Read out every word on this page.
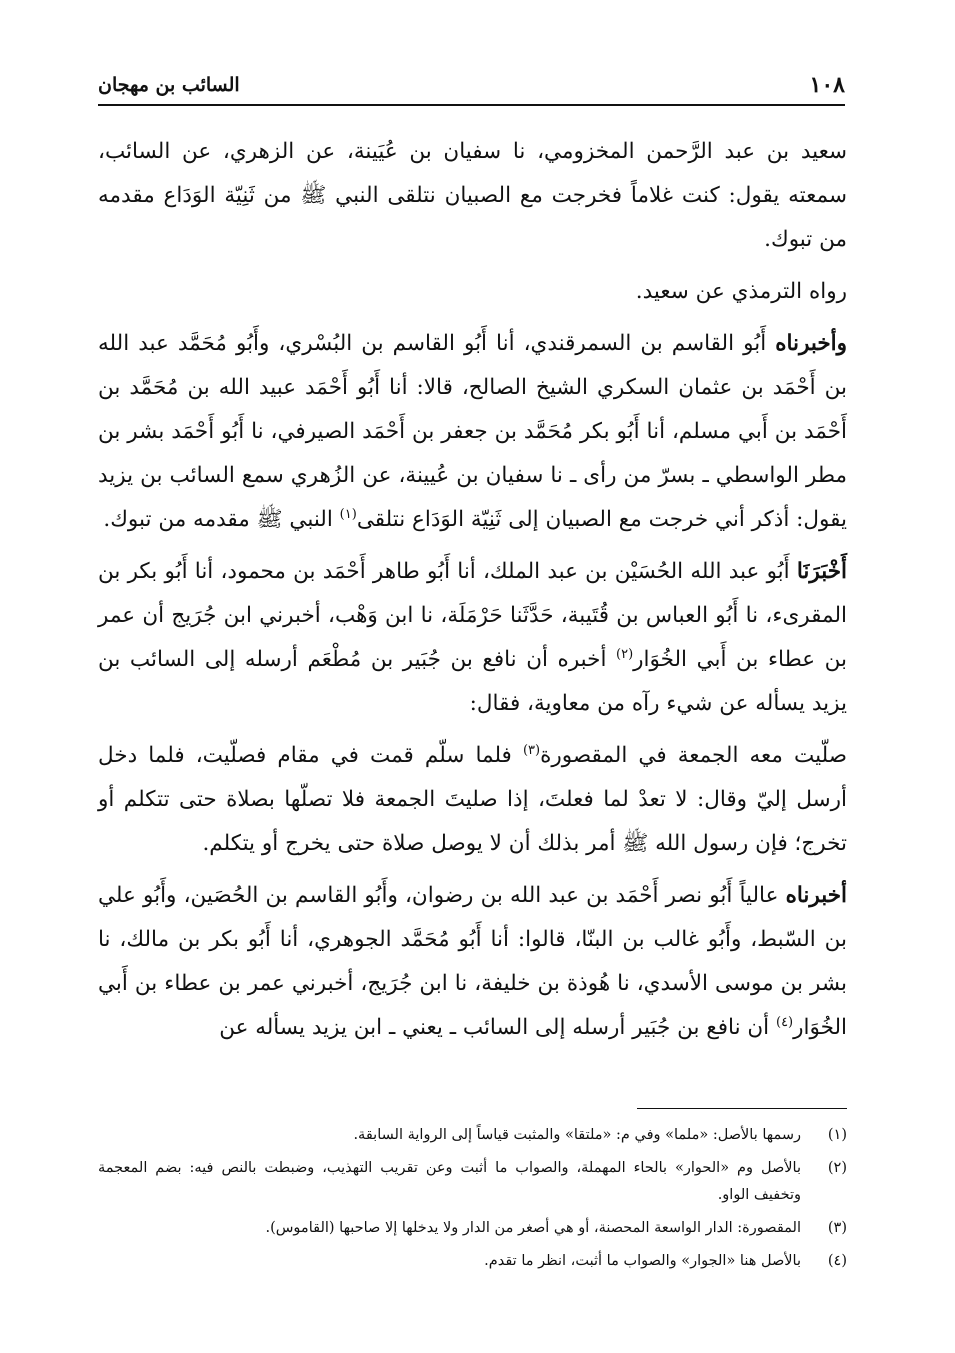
١٠٨
السائب بن مهجان

سعيد بن عبد الرَّحمن المخزومي، نا سفيان بن عُيَينة، عن الزهري، عن السائب، سمعته يقول: كنت غلاماً فخرجت مع الصبيان نتلقى النبي ﷺ من ثَنِيّة الوَدَاع مقدمه من تبوك.

رواه الترمذي عن سعيد.

وأخبرناه أَبُو القاسم بن السمرقندي، أنا أَبُو القاسم بن البُسْري، وأَبُو مُحَمَّد عبد الله بن أَحْمَد بن عثمان السكري الشيخ الصالح، قالا: أنا أَبُو أَحْمَد عبيد الله بن مُحَمَّد بن أَحْمَد بن أَبي مسلم، أنا أَبُو بكر مُحَمَّد بن جعفر بن أَحْمَد الصيرفي، نا أَبُو أَحْمَد بشر بن مطر الواسطي ـ بسرّ من رأى ـ نا سفيان بن عُيينة، عن الزُهري سمع السائب بن يزيد يقول: أذكر أني خرجت مع الصبيان إلى ثَنِيّة الوَدَاع نتلقى$^{(١)}$ النبي ﷺ مقدمه من تبوك.

أَخْبَرَنَا أَبُو عبد الله الحُسَيْن بن عبد الملك، أنا أَبُو طاهر أَحْمَد بن محمود، أنا أَبُو بكر بن المقرىء، نا أَبُو العباس بن قُتَيبة، حَدَّثَنا حَرْمَلَة، نا ابن وَهْب، أخبرني ابن جُرَيج أن عمر بن عطاء بن أَبي الخُوَار$^{(٢)}$ أخبره أن نافع بن جُبَير بن مُطْعَم أرسله إلى السائب بن يزيد يسأله عن شيء رآه من معاوية، فقال:

صلّيت معه الجمعة في المقصورة$^{(٣)}$ فلما سلّم قمت في مقام فصلّيت، فلما دخل أرسل إليّ وقال: لا تعدْ لما فعلتَ، إذا صليتَ الجمعة فلا تصلّها بصلاة حتى تتكلم أو تخرج؛ فإن رسول الله ﷺ أمر بذلك أن لا يوصل صلاة حتى يخرج أو يتكلم.

أخبرناه عالياً أَبُو نصر أَحْمَد بن عبد الله بن رضوان، وأَبُو القاسم بن الحُصَين، وأَبُو علي بن السّبط، وأَبُو غالب بن البنّا، قالوا: أنا أَبُو مُحَمَّد الجوهري، أنا أَبُو بكر بن مالك، نا بشر بن موسى الأسدي، نا هُوذة بن خليفة، نا ابن جُرَيج، أخبرني عمر بن عطاء بن أَبي الخُوَار$^{(٤)}$ أن نافع بن جُبَير أرسله إلى السائب ـ يعني ـ ابن يزيد يسأله عن

(١)
رسمها بالأصل: «ملما» وفي م: «ملتقا» والمثبت قياساً إلى الرواية السابقة.
(٢)
بالأصل وم «الحوار» بالحاء المهملة، والصواب ما أثبت وعن تقريب التهذيب، وضبطت بالنص فيه: بضم المعجمة وتخفيف الواو.
(٣)
المقصورة: الدار الواسعة المحصنة، أو هي أصغر من الدار ولا يدخلها إلا صاحبها (القاموس).
(٤)
بالأصل هنا «الجوار» والصواب ما أثبت، انظر ما تقدم.
